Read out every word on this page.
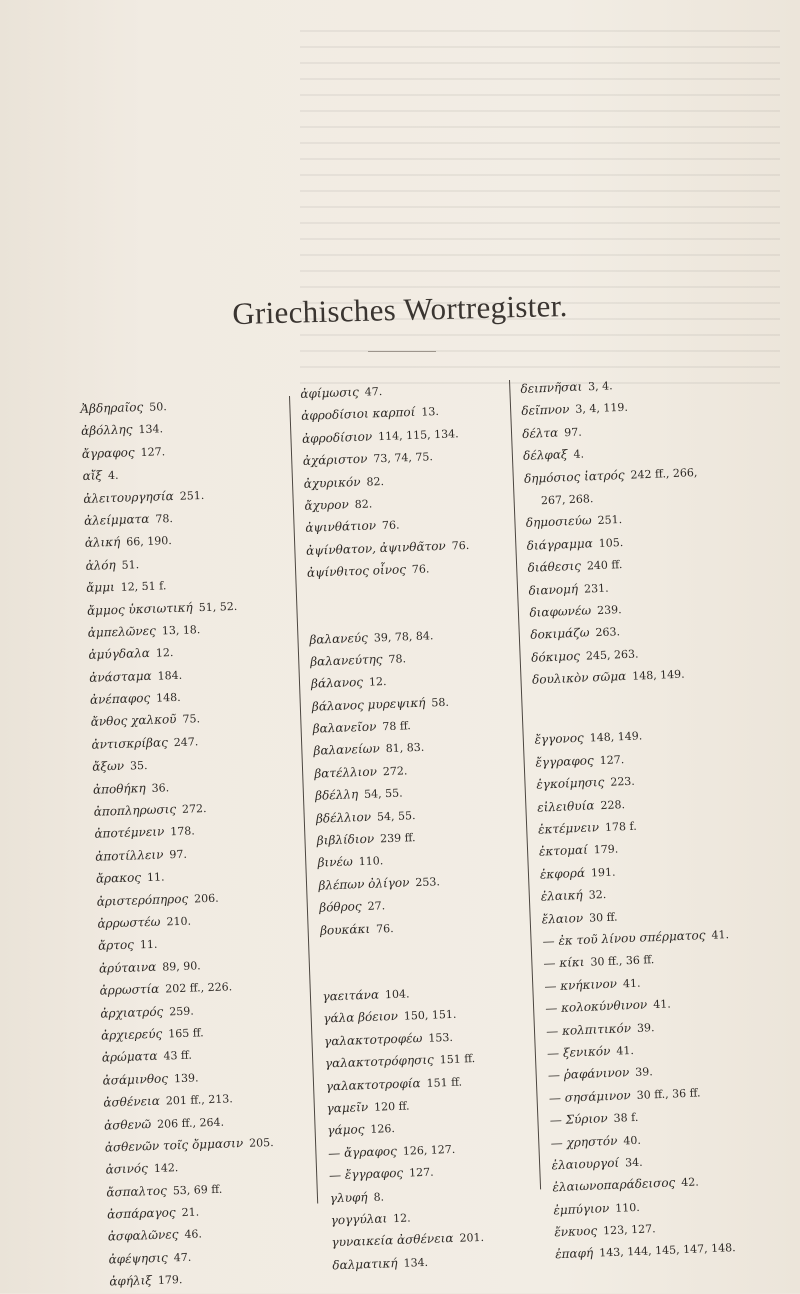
Griechisches Wortregister.
Ἀβδηρaῖος 50.
ἀβόλλης 134.
ἄγραφος 127.
αἴξ 4.
ἀλειτουργησία 251.
ἀλείμματα 78.
ἀλική 66, 190.
ἀλόη 51.
ἄμμι 12, 51 f.
ἄμμος ὑκσιωτική 51, 52.
ἀμπελῶνες 13, 18.
ἀμύγδαλα 12.
ἀνάσταμα 184.
ἀνέπαφος 148.
ἄνθος χαλκοῦ 75.
ἀντισκρίβας 247.
ἄξων 35.
ἀποθήκη 36.
ἀποπληρωσις 272.
ἀποτέμνειν 178.
ἀποτίλλειν 97.
ἄρακος 11.
ἀριστερόπηρος 206.
ἀρρωστέω 210.
ἄρτος 11.
ἀρύταινα 89, 90.
ἀρρωστία 202 ff., 226.
ἀρχιατρός 259.
ἀρχιερεύς 165 ff.
ἀρώματα 43 ff.
ἀσάμινθος 139.
ἀσθένεια 201 ff., 213.
ἀσθενῶ 206 ff., 264.
ἀσθενῶν τοῖς ὄμμασιν 205.
ἀσινός 142.
ἄσπαλτος 53, 69 ff.
ἀσπάραγος 21.
ἀσφαλῶνες 46.
ἀφέψησις 47.
ἀφήλιξ 179.
ἀφίμωσις 47.
ἀφροδίσιοι καρποί 13.
ἀφροδίσιον 114, 115, 134.
ἀχάριστον 73, 74, 75.
ἀχυρικόν 82.
ἄχυρον 82.
ἀψινθάτιον 76.
ἀψίνθατον, ἀψινθᾶτον 76.
ἀψίνθιτος οἶνος 76.
βαλανεύς 39, 78, 84.
βαλανεύτης 78.
βάλανος 12.
βάλανος μυρεψική 58.
βαλανεῖον 78 ff.
βαλανείων 81, 83.
βατέλλιον 272.
βδέλλη 54, 55.
βδέλλιον 54, 55.
βιβλίδιον 239 ff.
βινέω 110.
βλέπων ὀλίγον 253.
βόθρος 27.
βουκάκι 76.
γαειτάνα 104.
γάλα βόειον 150, 151.
γαλακτοτροφέω 153.
γαλακτοτρόφησις 151 ff.
γαλακτοτροφία 151 ff.
γαμεῖν 120 ff.
γάμος 126.
— ἄγραφος 126, 127.
— ἔγγραφος 127.
γλυφή 8.
γογγύλαι 12.
γυναικεία ἀσθένεια 201.
δαλματική 134.
δειπνῆσαι 3, 4.
δεῖπνον 3, 4, 119.
δέλτα 97.
δέλφαξ 4.
δημόσιος ἰατρός 242 ff., 266,
267, 268.
δημοσιεύω 251.
διάγραμμα 105.
διάθεσις 240 ff.
διανομή 231.
διαφωνέω 239.
δοκιμάζω 263.
δόκιμος 245, 263.
δουλικὸν σῶμα 148, 149.
ἔγγονος 148, 149.
ἔγγραφος 127.
ἐγκοίμησις 223.
εἰλειθυία 228.
ἐκτέμνειν 178 f.
ἐκτομαί 179.
ἐκφορά 191.
ἐλαική 32.
ἔλαιον 30 ff.
— ἐκ τοῦ λίνου σπέρματος 41.
— κίκι 30 ff., 36 ff.
— κνήκινον 41.
— κολοκύνθινον 41.
— κολπιτικόν 39.
— ξενικόν 41.
— ῥαφάνινον 39.
— σησάμινον 30 ff., 36 ff.
— Σύριον 38 f.
— χρηστόν 40.
ἐλαιουργοί 34.
ἐλαιωνοπαράδεισος 42.
ἐμπύγιον 110.
ἔνκυος 123, 127.
ἐπαφή 143, 144, 145, 147, 148.
